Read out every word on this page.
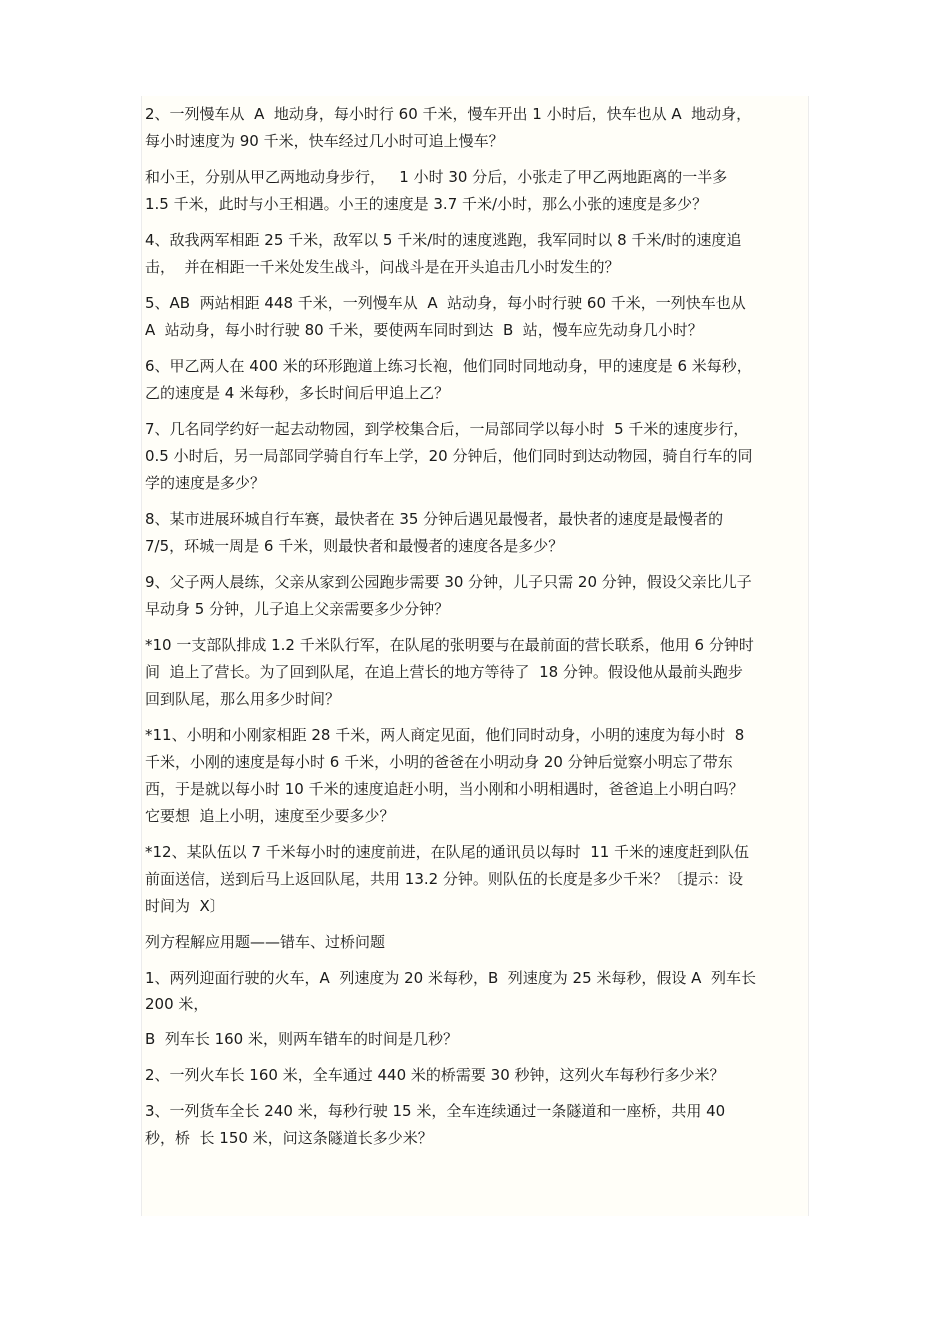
2、一列慢车从  A  地动身，每小时行 60 千米，慢车开出 1 小时后，快车也从 A  地动身，
每小时速度为 90 千米，快车经过几小时可追上慢车？
和小王，分别从甲乙两地动身步行，   1 小时 30 分后，小张走了甲乙两地距离的一半多
1.5 千米，此时与小王相遇。小王的速度是 3.7 千米/小时，那么小张的速度是多少？
4、敌我两军相距 25 千米，敌军以 5 千米/时的速度逃跑，我军同时以 8 千米/时的速度追
击，  并在相距一千米处发生战斗，问战斗是在开头追击几小时发生的？
5、AB  两站相距 448 千米，一列慢车从  A  站动身，每小时行驶 60 千米，一列快车也从
A  站动身，每小时行驶 80 千米，要使两车同时到达  B  站，慢车应先动身几小时？
6、甲乙两人在 400 米的环形跑道上练习长袍，他们同时同地动身，甲的速度是 6 米每秒，
乙的速度是 4 米每秒，多长时间后甲追上乙？
7、几名同学约好一起去动物园，到学校集合后，一局部同学以每小时  5 千米的速度步行，
0.5 小时后，另一局部同学骑自行车上学，20 分钟后，他们同时到达动物园，骑自行车的同
学的速度是多少？
8、某市进展环城自行车赛，最快者在 35 分钟后遇见最慢者，最快者的速度是最慢者的
7/5，环城一周是 6 千米，则最快者和最慢者的速度各是多少？
9、父子两人晨练，父亲从家到公园跑步需要 30 分钟，儿子只需 20 分钟，假设父亲比儿子
早动身 5 分钟，儿子追上父亲需要多少分钟？
*10 一支部队排成 1.2 千米队行军，在队尾的张明要与在最前面的营长联系，他用 6 分钟时
间  追上了营长。为了回到队尾，在追上营长的地方等待了  18 分钟。假设他从最前头跑步
回到队尾，那么用多少时间？
*11、小明和小刚家相距 28 千米，两人商定见面，他们同时动身，小明的速度为每小时  8
千米，小刚的速度是每小时 6 千米，小明的爸爸在小明动身 20 分钟后觉察小明忘了带东
西，于是就以每小时 10 千米的速度追赶小明，当小刚和小明相遇时，爸爸追上小明白吗？
它要想  追上小明，速度至少要多少？
*12、某队伍以 7 千米每小时的速度前进，在队尾的通讯员以每时  11 千米的速度赶到队伍
前面送信，送到后马上返回队尾，共用 13.2 分钟。则队伍的长度是多少千米？〔提示：设
时间为  X〕
列方程解应用题——错车、过桥问题
1、两列迎面行驶的火车，A  列速度为 20 米每秒，B  列速度为 25 米每秒，假设 A  列车长
200 米，
B  列车长 160 米，则两车错车的时间是几秒？
2、一列火车长 160 米，全车通过 440 米的桥需要 30 秒钟，这列火车每秒行多少米？
3、一列货车全长 240 米，每秒行驶 15 米，全车连续通过一条隧道和一座桥，共用 40
秒，桥  长 150 米，问这条隧道长多少米？
